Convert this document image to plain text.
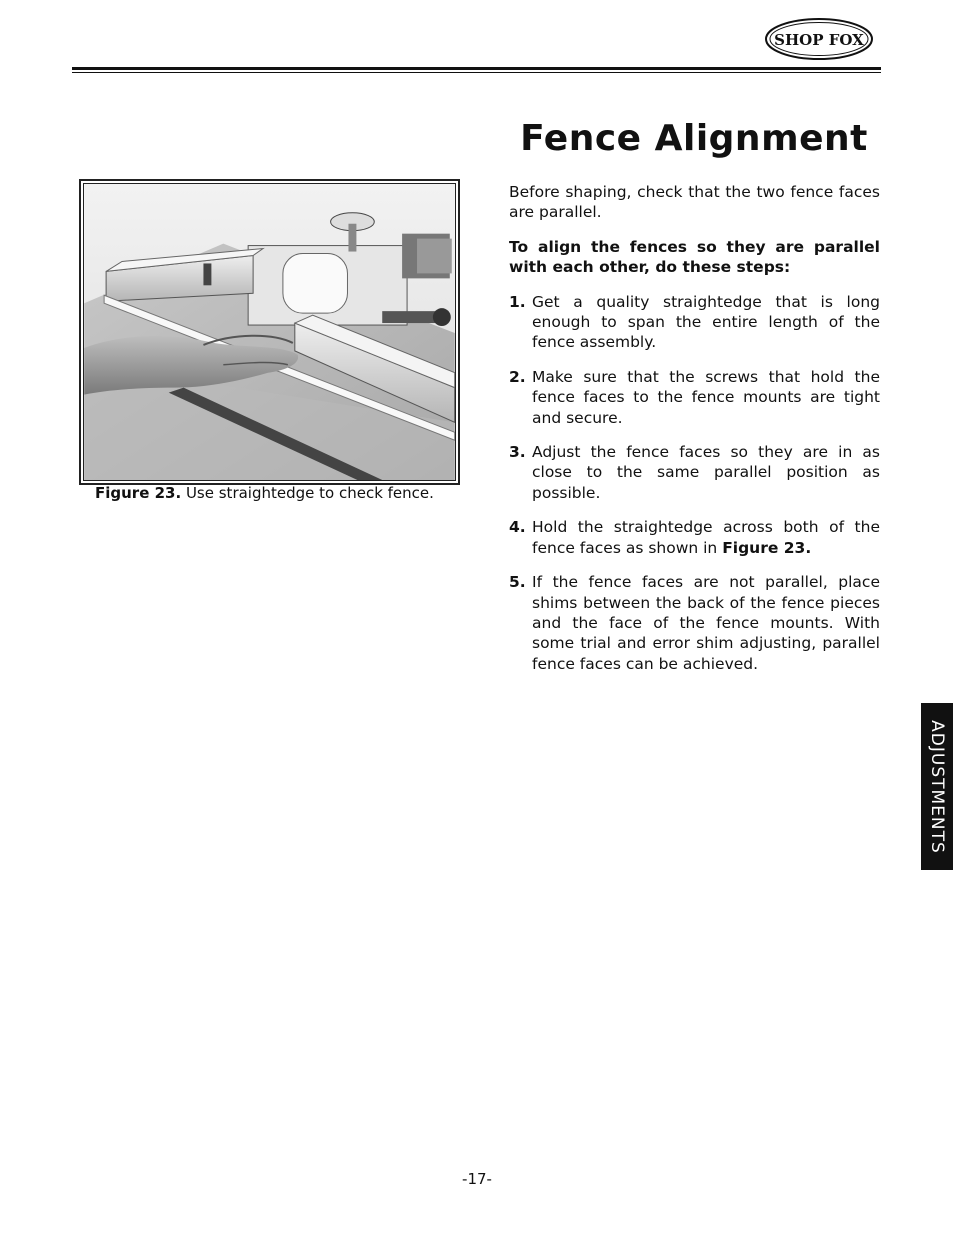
SHOP FOX
Fence Alignment
Figure 23. Use straightedge to check fence.

Before shaping, check that the two fence faces are parallel.

To align the fences so they are parallel with each other, do these steps:

1. Get a quality straightedge that is long enough to span the entire length of the fence assembly.
2. Make sure that the screws that hold the fence faces to the fence mounts are tight and secure.
3. Adjust the fence faces so they are in as close to the same parallel position as possible.
4. Hold the straightedge across both of the fence faces as shown in Figure 23.
5. If the fence faces are not parallel, place shims between the back of the fence pieces and the face of the fence mounts. With some trial and error shim adjusting, parallel fence faces can be achieved.
ADJUSTMENTS
-17-
